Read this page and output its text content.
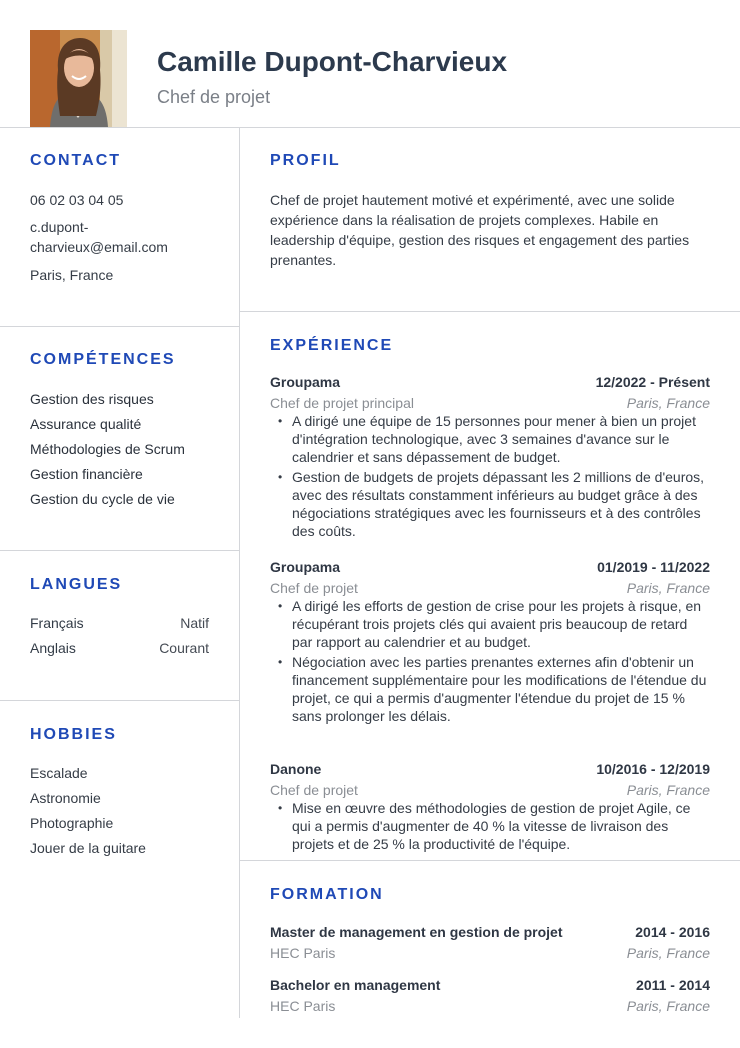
Camille Dupont-Charvieux
Chef de projet
CONTACT
06 02 03 04 05
c.dupont-
charvieux@email.com
Paris, France
COMPÉTENCES
Gestion des risques
Assurance qualité
Méthodologies de Scrum
Gestion financière
Gestion du cycle de vie
LANGUES
Français	Natif
Anglais	Courant
HOBBIES
Escalade
Astronomie
Photographie
Jouer de la guitare
PROFIL
Chef de projet hautement motivé et expérimenté, avec une solide expérience dans la réalisation de projets complexes. Habile en leadership d'équipe, gestion des risques et engagement des parties prenantes.
EXPÉRIENCE
Groupama	12/2022 - Présent
Chef de projet principal	Paris, France
• A dirigé une équipe de 15 personnes pour mener à bien un projet d'intégration technologique, avec 3 semaines d'avance sur le calendrier et sans dépassement de budget.
• Gestion de budgets de projets dépassant les 2 millions de d'euros, avec des résultats constamment inférieurs au budget grâce à des négociations stratégiques avec les fournisseurs et à des contrôles des coûts.
Groupama	01/2019 - 11/2022
Chef de projet	Paris, France
• A dirigé les efforts de gestion de crise pour les projets à risque, en récupérant trois projets clés qui avaient pris beaucoup de retard par rapport au calendrier et au budget.
• Négociation avec les parties prenantes externes afin d'obtenir un financement supplémentaire pour les modifications de l'étendue du projet, ce qui a permis d'augmenter l'étendue du projet de 15 % sans prolonger les délais.
Danone	10/2016 - 12/2019
Chef de projet	Paris, France
• Mise en œuvre des méthodologies de gestion de projet Agile, ce qui a permis d'augmenter de 40 % la vitesse de livraison des projets et de 25 % la productivité de l'équipe.
FORMATION
Master de management en gestion de projet	2014 - 2016
HEC Paris	Paris, France
Bachelor en management	2011 - 2014
HEC Paris	Paris, France
